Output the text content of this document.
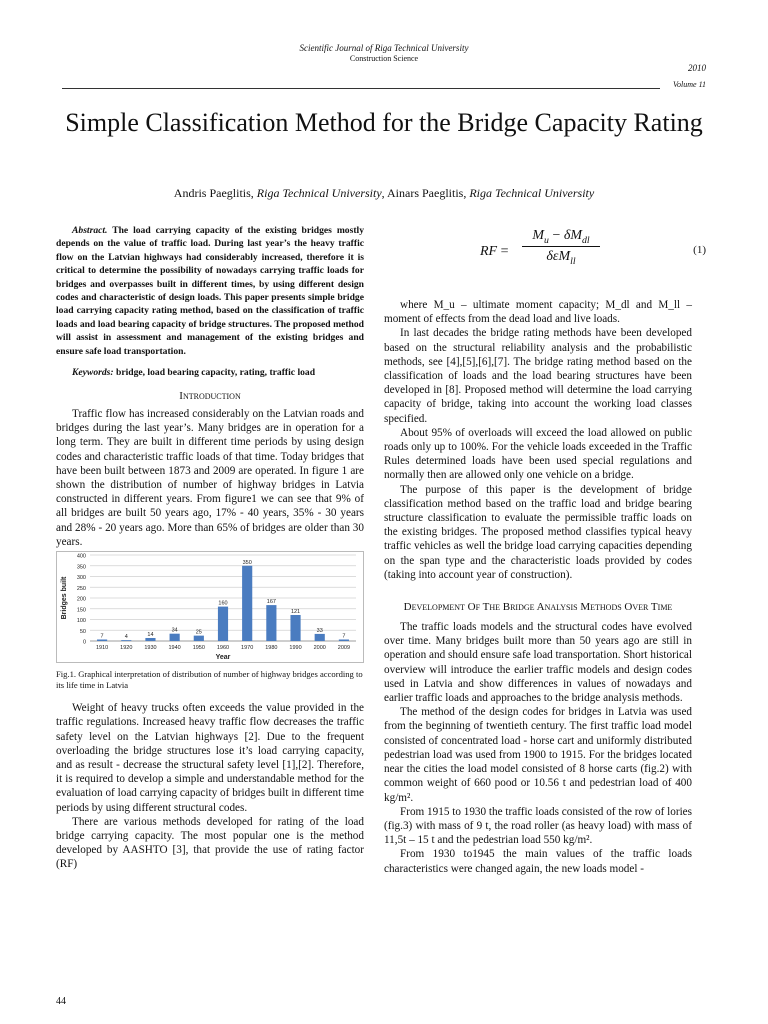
Scientific Journal of Riga Technical University
Construction Science
2010
Volume 11
Simple Classification Method for the Bridge Capacity Rating
Andris Paeglitis, Riga Technical University, Ainars Paeglitis, Riga Technical University

Abstract. The load carrying capacity of the existing bridges mostly depends on the value of traffic load. During last year’s the heavy traffic flow on the Latvian highways had considerably increased, therefore it is critical to determine the possibility of nowadays carrying traffic loads for bridges and overpasses built in different times, by using different design codes and characteristic of design loads. This paper presents simple bridge load carrying capacity rating method, based on the classification of traffic loads and load bearing capacity of bridge structures. The proposed method will assist in assessment and management of the existing bridges and ensure safe load transportation.

Keywords: bridge, load bearing capacity, rating, traffic load

Introduction

Traffic flow has increased considerably on the Latvian roads and bridges during the last year’s. Many bridges are in operation for a long term. They are built in different time periods by using design codes and characteristic traffic loads of that time. Today bridges that have been built between 1873 and 2009 are operated. In figure 1 are shown the distribution of number of highway bridges in Latvia constructed in different years. From figure1 we can see that 9% of all bridges are built 50 years ago, 17% - 40 years, 35% - 30 years and 28% - 20 years ago. More than 65% of bridges are older than 30 years.

0
50
100
150
200
250
300
350
400
Bridges built
7
1910
4
1920
14
1930
34
1940
25
1950
160
1960
350
1970
167
1980
121
1990
33
2000
7
2009
Year

Fig.1. Graphical interpretation of distribution of number of highway bridges according to its life time in Latvia

Weight of heavy trucks often exceeds the value provided in the traffic regulations. Increased heavy traffic flow decreases the traffic safety level on the Latvian highways [2]. Due to the frequent overloading the bridge structures lose it’s load carrying capacity, and as result - decrease the structural safety level [1],[2]. Therefore, it is required to develop a simple and understandable method for the evaluation of load carrying capacity of bridges built in different time periods by using different structural codes.

There are various methods developed for rating of the load bridge carrying capacity. The most popular one is the method developed by AASHTO [3], that provide the use of rating factor (RF)

RF =
$M_u - \delta M_{dl}$
δεM$_{ll}$
(1)

where M_u – ultimate moment capacity; M_dl and M_ll – moment of effects from the dead load and live loads.

In last decades the bridge rating methods have been developed based on the structural reliability analysis and the probabilistic methods, see [4],[5],[6],[7]. The bridge rating method based on the classification of loads and the load bearing structures have been developed in [8]. Proposed method will determine the load carrying capacity of bridge, taking into account the working load classes specified.

About 95% of overloads will exceed the load allowed on public roads only up to 100%. For the vehicle loads exceeded in the Traffic Rules determined loads have been used special regulations and normally then are allowed only one vehicle on a bridge.

The purpose of this paper is the development of bridge classification method based on the traffic load and bridge bearing structure classification to evaluate the permissible traffic loads on the existing bridges. The proposed method classifies typical heavy traffic vehicles as well the bridge load carrying capacities depending on the span type and the characteristic loads provided by codes (taking into account year of construction).

Development Of The Bridge Analysis Methods Over Time

The traffic loads models and the structural codes have evolved over time. Many bridges built more than 50 years ago are still in operation and should ensure safe load transportation. Short historical overview will introduce the earlier traffic models and design codes used in Latvia and show differences in values of nowadays and earlier traffic loads and approaches to the bridge analysis methods.

The method of the design codes for bridges in Latvia was used from the beginning of twentieth century. The first traffic load model consisted of concentrated load - horse cart and uniformly distributed pedestrian load was used from 1900 to 1915. For the bridges located near the cities the load model consisted of 8 horse carts (fig.2) with common weight of 660 pood or 10.56 t and pedestrian load of 400 kg/m².

From 1915 to 1930 the traffic loads consisted of the row of lories (fig.3) with mass of 9 t, the road roller (as heavy load) with mass of 11,5t – 15 t and the pedestrian load 550 kg/m².

From 1930 to1945 the main values of the traffic loads characteristics were changed again, the new loads model -

44
